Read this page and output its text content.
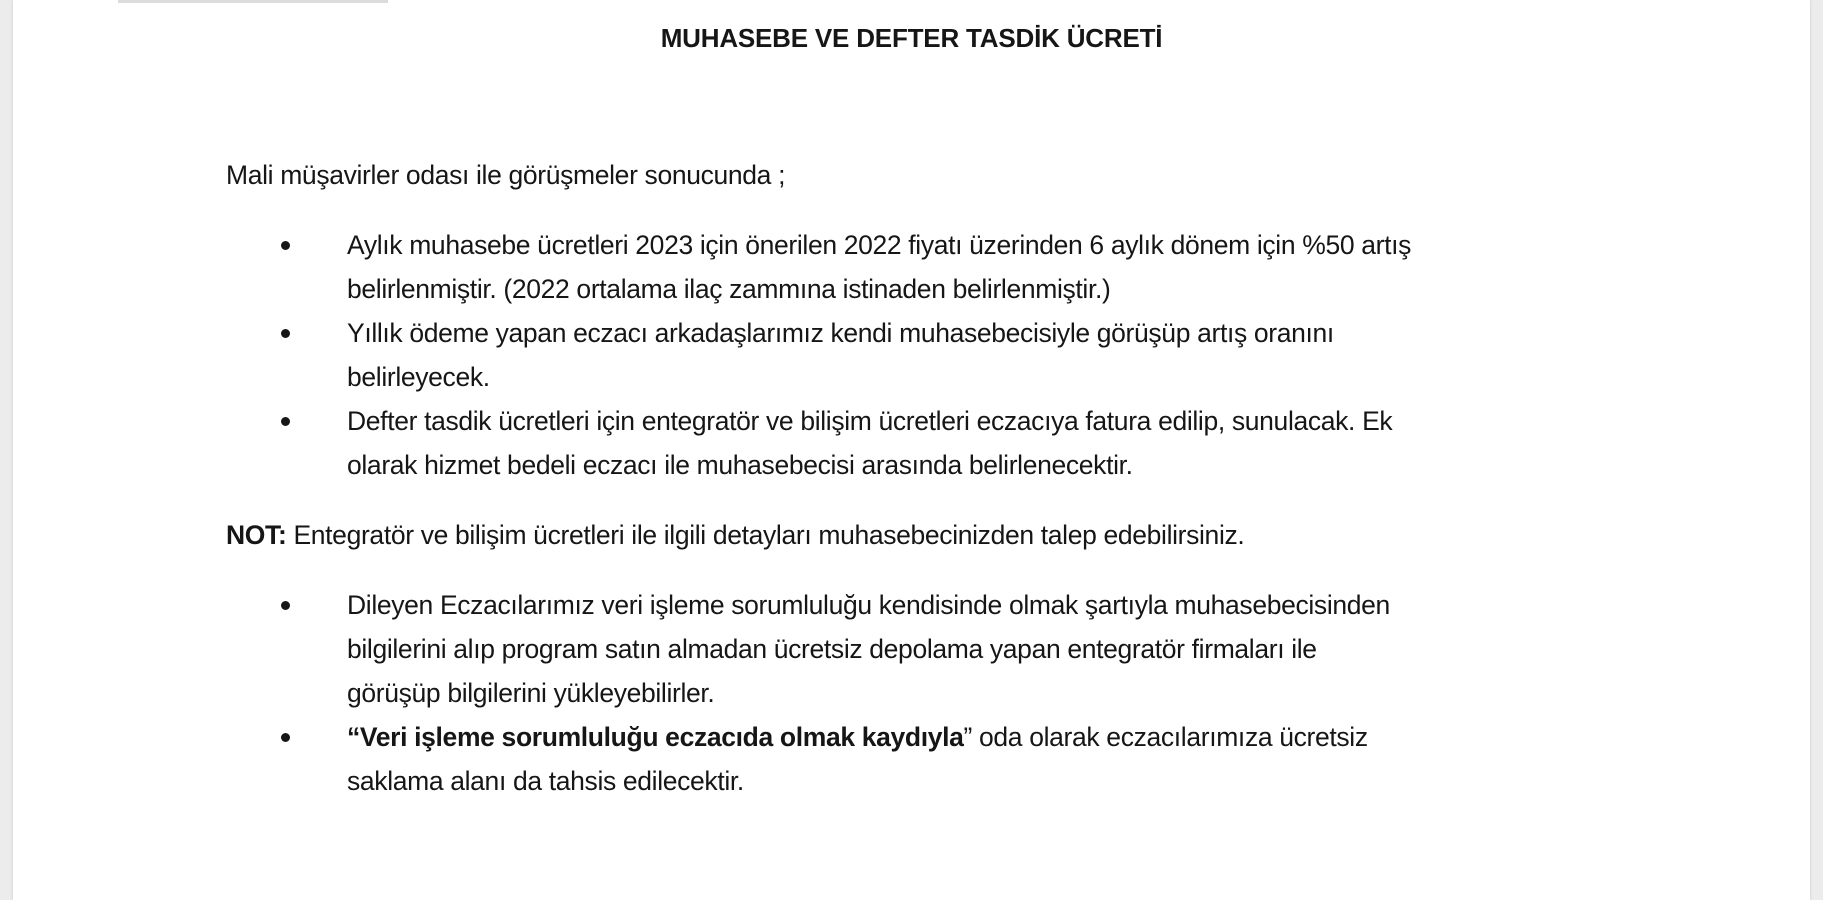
MUHASEBE VE DEFTER TASDİK ÜCRETİ
Mali müşavirler odası ile görüşmeler sonucunda ;
Aylık muhasebe ücretleri 2023 için önerilen 2022 fiyatı üzerinden 6 aylık dönem için %50 artış
belirlenmiştir. (2022 ortalama ilaç zammına istinaden belirlenmiştir.)
Yıllık ödeme yapan eczacı arkadaşlarımız kendi muhasebecisiyle görüşüp artış oranını
belirleyecek.
Defter tasdik ücretleri için entegratör ve bilişim ücretleri eczacıya fatura edilip, sunulacak. Ek
olarak hizmet bedeli eczacı ile muhasebecisi arasında belirlenecektir.
NOT: Entegratör ve bilişim ücretleri ile ilgili detayları muhasebecinizden talep edebilirsiniz.
Dileyen Eczacılarımız veri işleme sorumluluğu kendisinde olmak şartıyla muhasebecisinden
bilgilerini alıp program satın almadan ücretsiz depolama yapan entegratör firmaları ile
görüşüp bilgilerini yükleyebilirler.
“Veri işleme sorumluluğu eczacıda olmak kaydıyla” oda olarak eczacılarımıza ücretsiz
saklama alanı da tahsis edilecektir.
